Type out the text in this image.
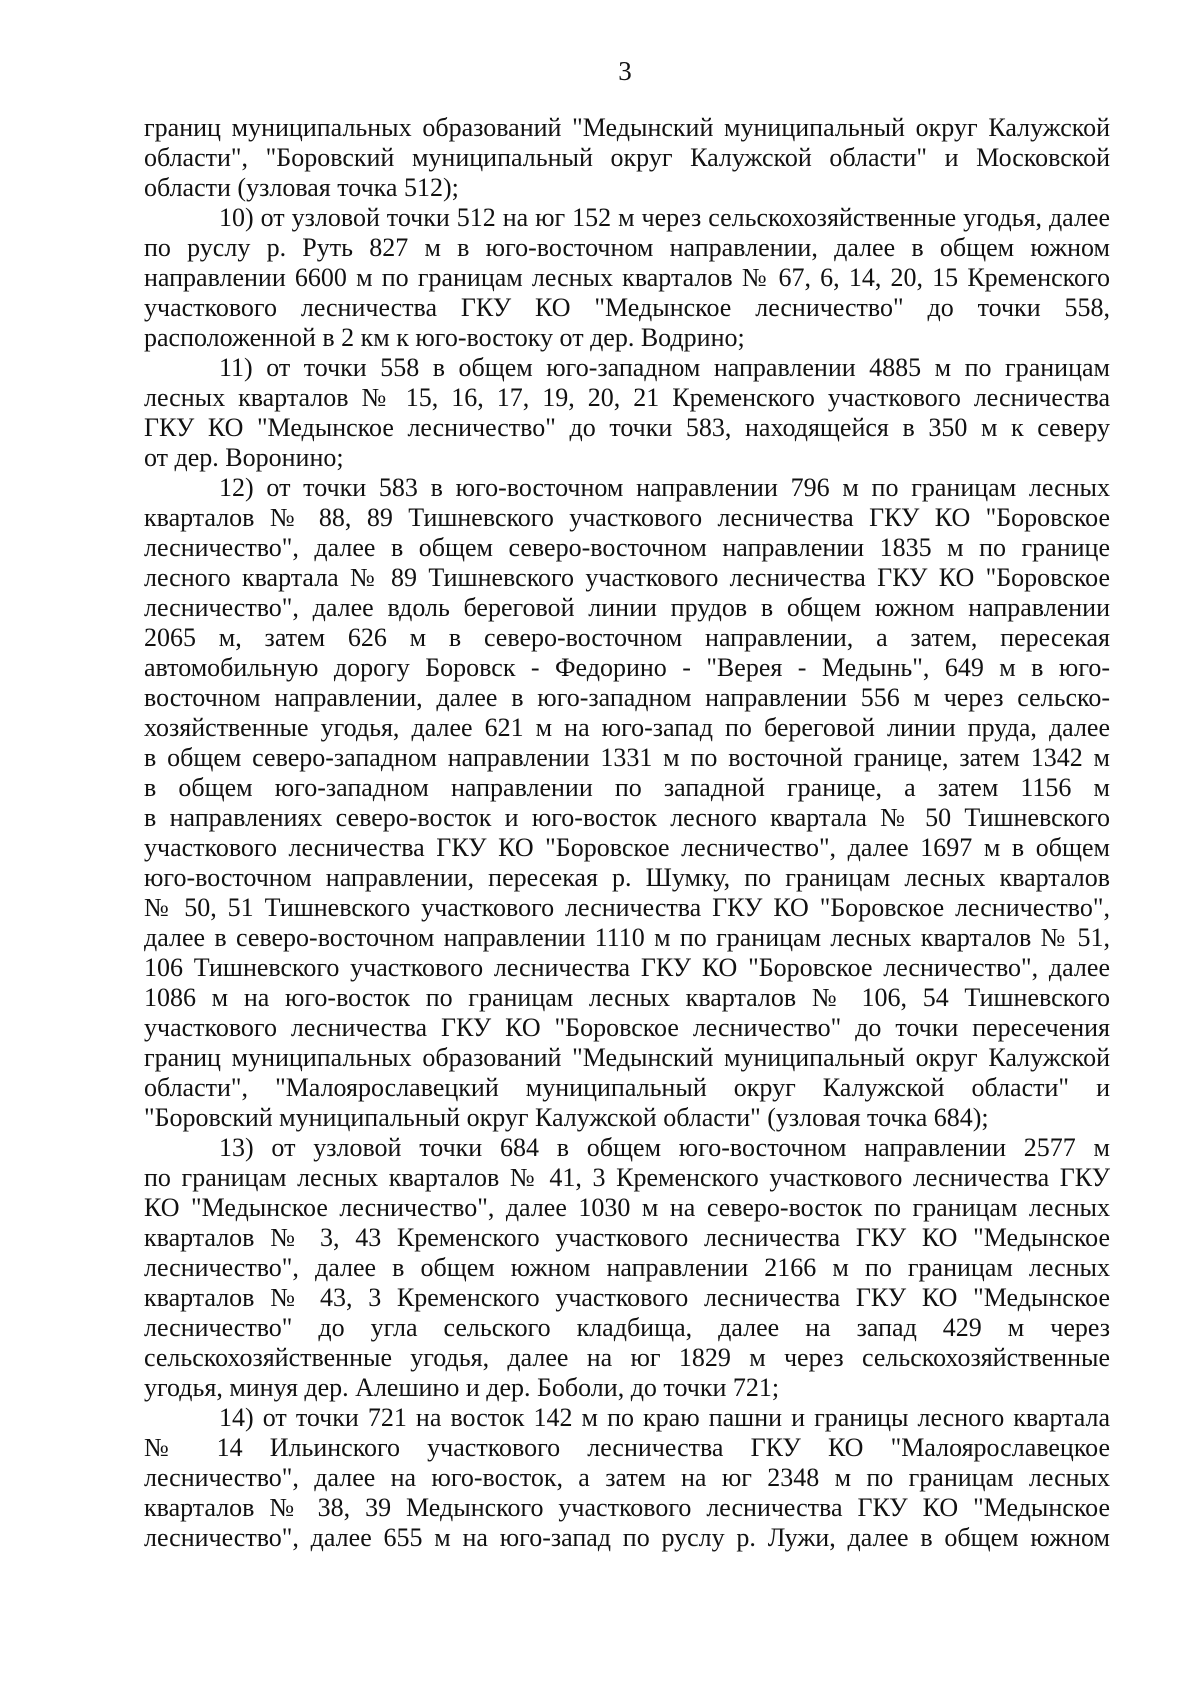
3
границ муниципальных образований "Медынский муниципальный округ Калужской
области", "Боровский муниципальный округ Калужской области" и Московской
области (узловая точка 512);
10) от узловой точки 512 на юг 152 м через сельскохозяйственные угодья, далее
по руслу р. Руть 827 м в юго-восточном направлении, далее в общем южном
направлении 6600 м по границам лесных кварталов № 67, 6, 14, 20, 15 Кременского
участкового лесничества ГКУ КО "Медынское лесничество" до точки 558,
расположенной в 2 км к юго-востоку от дер. Водрино;
11) от точки 558 в общем юго-западном направлении 4885 м по границам
лесных кварталов № 15, 16, 17, 19, 20, 21 Кременского участкового лесничества
ГКУ КО "Медынское лесничество" до точки 583, находящейся в 350 м к северу
от дер. Воронино;
12) от точки 583 в юго-восточном направлении 796 м по границам лесных
кварталов № 88, 89 Тишневского участкового лесничества ГКУ КО "Боровское
лесничество", далее в общем северо-восточном направлении 1835 м по границе
лесного квартала № 89 Тишневского участкового лесничества ГКУ КО "Боровское
лесничество", далее вдоль береговой линии прудов в общем южном направлении
2065 м, затем 626 м в северо-восточном направлении, а затем, пересекая
автомобильную дорогу Боровск - Федорино - "Верея - Медынь", 649 м в юго-
восточном направлении, далее в юго-западном направлении 556 м через сельско-
хозяйственные угодья, далее 621 м на юго-запад по береговой линии пруда, далее
в общем северо-западном направлении 1331 м по восточной границе, затем 1342 м
в общем юго-западном направлении по западной границе, а затем 1156 м
в направлениях северо-восток и юго-восток лесного квартала № 50 Тишневского
участкового лесничества ГКУ КО "Боровское лесничество", далее 1697 м в общем
юго-восточном направлении, пересекая р. Шумку, по границам лесных кварталов
№ 50, 51 Тишневского участкового лесничества ГКУ КО "Боровское лесничество",
далее в северо-восточном направлении 1110 м по границам лесных кварталов № 51,
106 Тишневского участкового лесничества ГКУ КО "Боровское лесничество", далее
1086 м на юго-восток по границам лесных кварталов № 106, 54 Тишневского
участкового лесничества ГКУ КО "Боровское лесничество" до точки пересечения
границ муниципальных образований "Медынский муниципальный округ Калужской
области", "Малоярославецкий муниципальный округ Калужской области" и
"Боровский муниципальный округ Калужской области" (узловая точка 684);
13) от узловой точки 684 в общем юго-восточном направлении 2577 м
по границам лесных кварталов № 41, 3 Кременского участкового лесничества ГКУ
КО "Медынское лесничество", далее 1030 м на северо-восток по границам лесных
кварталов № 3, 43 Кременского участкового лесничества ГКУ КО "Медынское
лесничество", далее в общем южном направлении 2166 м по границам лесных
кварталов № 43, 3 Кременского участкового лесничества ГКУ КО "Медынское
лесничество" до угла сельского кладбища, далее на запад 429 м через
сельскохозяйственные угодья, далее на юг 1829 м через сельскохозяйственные
угодья, минуя дер. Алешино и дер. Боболи, до точки 721;
14) от точки 721 на восток 142 м по краю пашни и границы лесного квартала
№ 14 Ильинского участкового лесничества ГКУ КО "Малоярославецкое
лесничество", далее на юго-восток, а затем на юг 2348 м по границам лесных
кварталов № 38, 39 Медынского участкового лесничества ГКУ КО "Медынское
лесничество", далее 655 м на юго-запад по руслу р. Лужи, далее в общем южном
